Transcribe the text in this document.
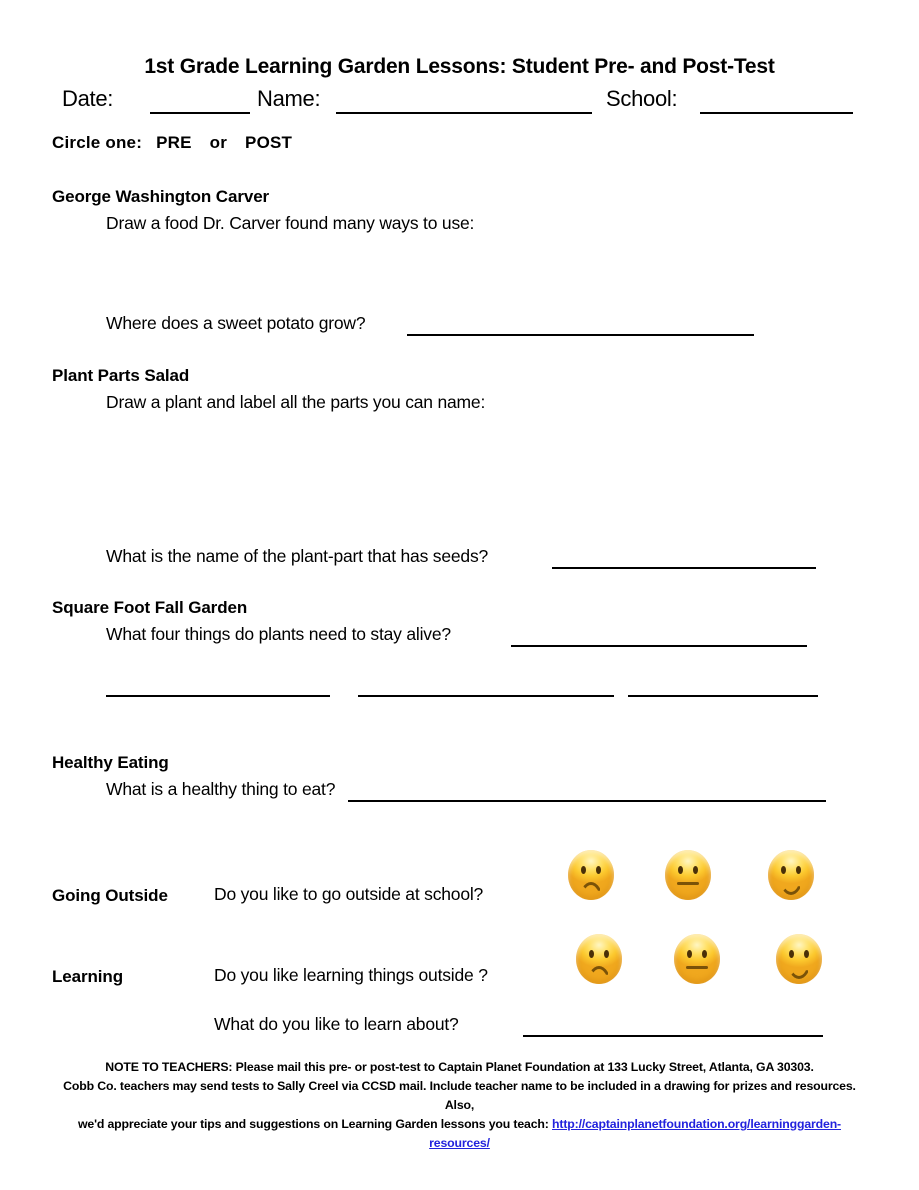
1st Grade Learning Garden Lessons: Student Pre- and Post-Test
Date:	Name:	School:
Circle one: PRE or POST
George Washington Carver
Draw a food Dr. Carver found many ways to use:
Where does a sweet potato grow?
Plant Parts Salad
Draw a plant and label all the parts you can name:
What is the name of the plant-part that has seeds?
Square Foot Fall Garden
What four things do plants need to stay alive?
Healthy Eating
What is a healthy thing to eat?
Going Outside	Do you like to go outside at school?
Learning	Do you like learning things outside ?
What do you like to learn about?
NOTE TO TEACHERS: Please mail this pre- or post-test to Captain Planet Foundation at 133 Lucky Street, Atlanta, GA 30303.
Cobb Co. teachers may send tests to Sally Creel via CCSD mail. Include teacher name to be included in a drawing for prizes and resources. Also,
we'd appreciate your tips and suggestions on Learning Garden lessons you teach: http://captainplanetfoundation.org/learninggarden-resources/
